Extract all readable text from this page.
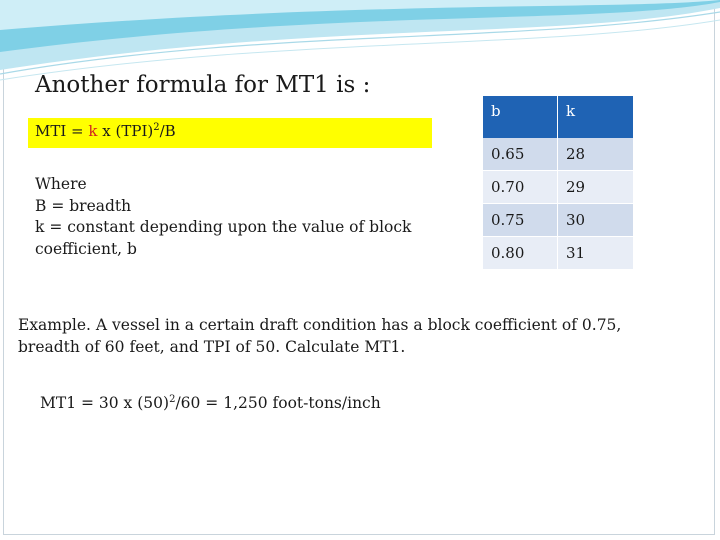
Another formula for MT1 is :
MTI = k x (TPI)$^2$/B
Where
B = breadth
k = constant depending upon the value of block
coefficient, b
b	k
0.65	28
0.70	29
0.75	30
0.80	31
Example. A vessel in a certain draft condition has a block coefficient of 0.75,
breadth of 60 feet, and TPI of 50. Calculate MT1.
MT1 = 30 x $(50)^2/60 = 1,250$ foot-tons/inch
